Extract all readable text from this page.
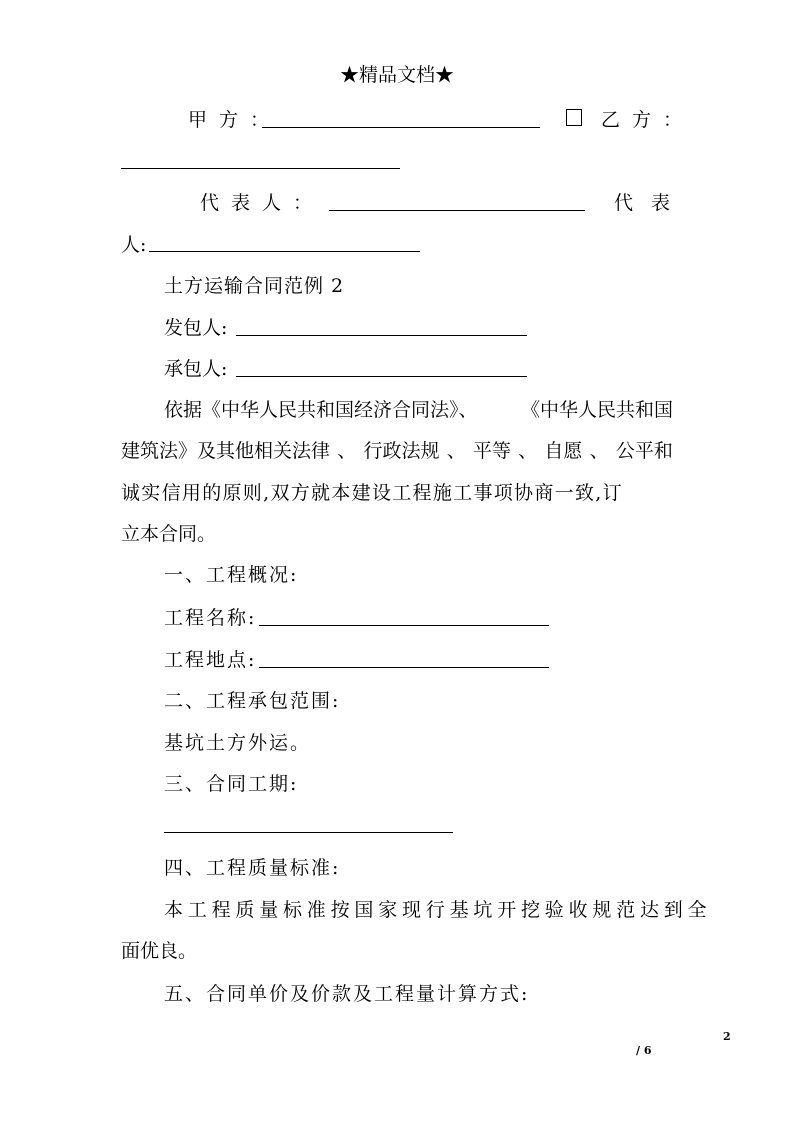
★精品文档★
甲方：	乙方：
代表人：	代表
人:
土方运输合同范例 2
发包人:
承包人:
依据《中华人民共和国经济合同法》、 《中华人民共和国
建筑法》及其他相关法律 、 行政法规 、 平等 、 自愿 、 公平和
诚实信用的原则,双方就本建设工程施工事项协商一致,订
立本合同。
一、工程概况:
工程名称:
工程地点:
二、工程承包范围:
基坑土方外运。
三、合同工期:
四、工程质量标准:
本工程质量标准按国家现行基坑开挖验收规范达到全
面优良。
五、合同单价及价款及工程量计算方式:
2
/ 6
